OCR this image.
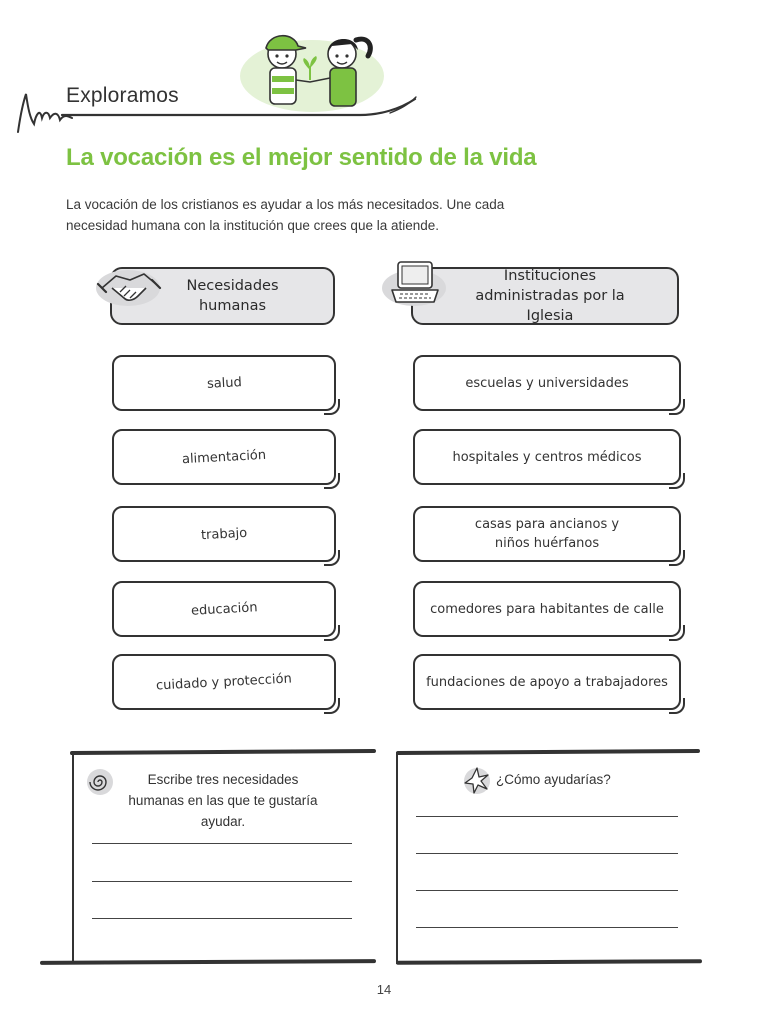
Exploramos
La vocación es el mejor sentido de la vida
La vocación de los cristianos es ayudar a los más necesitados. Une cada necesidad humana con la institución que crees que la atiende.
Necesidades humanas
Instituciones administradas por la Iglesia
salud
alimentación
trabajo
educación
cuidado y protección
escuelas y universidades
hospitales y centros médicos
casas para ancianos y niños huérfanos
comedores para habitantes de calle
fundaciones de apoyo a trabajadores
Escribe tres necesidades humanas en las que te gustaría ayudar.
¿Cómo ayudarías?
14
